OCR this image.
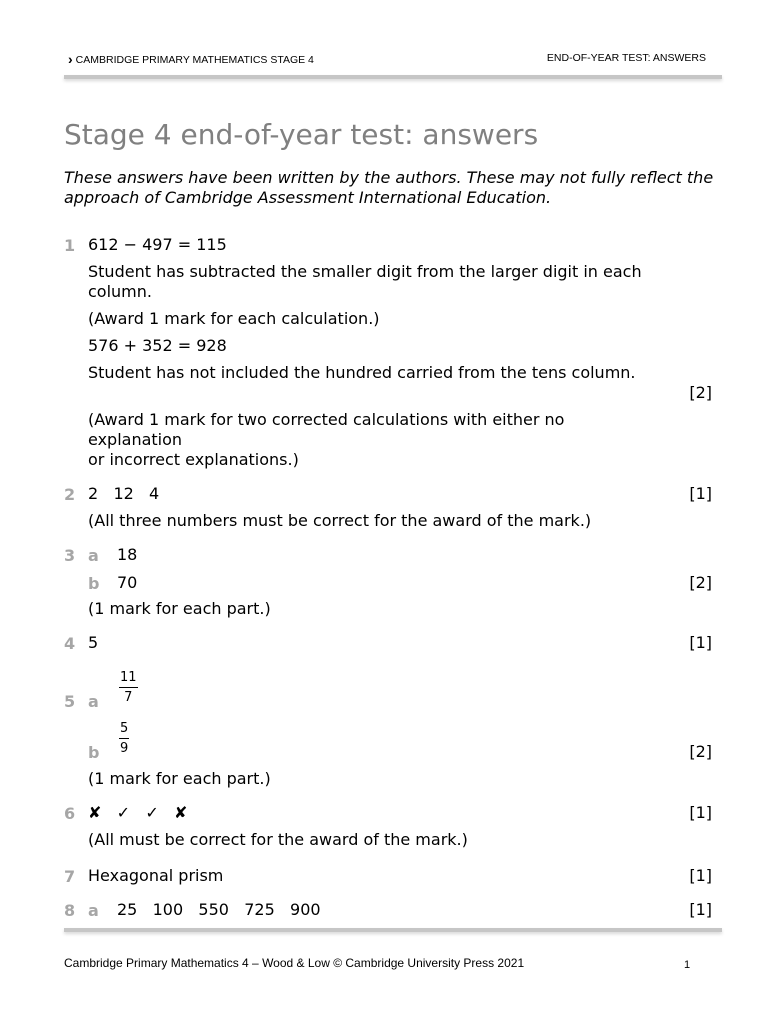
› CAMBRIDGE PRIMARY MATHEMATICS STAGE 4	END-OF-YEAR TEST: ANSWERS
Stage 4 end-of-year test: answers
These answers have been written by the authors. These may not fully reflect the approach of Cambridge Assessment International Education.
1 612 − 497 = 115
Student has subtracted the smaller digit from the larger digit in each
column.
(Award 1 mark for each calculation.)
576 + 352 = 928
Student has not included the hundred carried from the tens column.
[2]
(Award 1 mark for two corrected calculations with either no
explanation
or incorrect explanations.)
2 2   12   4	[1]
(All three numbers must be correct for the award of the mark.)
3 a 18
b 70	[2]
(1 mark for each part.)
4 5	[1]
5 a $\frac{11}{7}$
b $\frac{5}{9}$	[2]
(1 mark for each part.)
6 ✘   ✓   ✓   ✘	[1]
(All must be correct for the award of the mark.)
7 Hexagonal prism	[1]
8 a 25   100   550   725   900	[1]
Cambridge Primary Mathematics 4 – Wood & Low © Cambridge University Press 2021	1
